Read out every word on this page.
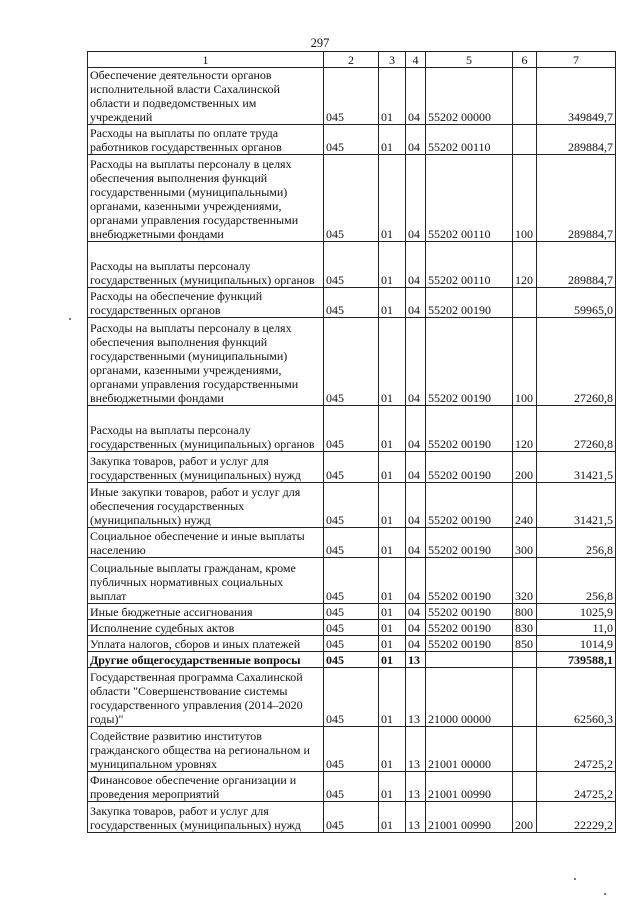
297
1	2	3	4	5	6	7
Обеспечение деятельности органов исполнительной власти Сахалинской области и подведомственных им учреждений	045	01	04	55202 00000		349849,7
Расходы на выплаты по оплате труда работников государственных органов	045	01	04	55202 00110		289884,7
Расходы на выплаты персоналу в целях обеспечения выполнения функций государственными (муниципальными) органами, казенными учреждениями, органами управления государственными внебюджетными фондами	045	01	04	55202 00110	100	289884,7
Расходы на выплаты персоналу государственных (муниципальных) органов	045	01	04	55202 00110	120	289884,7
Расходы на обеспечение функций государственных органов	045	01	04	55202 00190		59965,0
Расходы на выплаты персоналу в целях обеспечения выполнения функций государственными (муниципальными) органами, казенными учреждениями, органами управления государственными внебюджетными фондами	045	01	04	55202 00190	100	27260,8
Расходы на выплаты персоналу государственных (муниципальных) органов	045	01	04	55202 00190	120	27260,8
Закупка товаров, работ и услуг для государственных (муниципальных) нужд	045	01	04	55202 00190	200	31421,5
Иные закупки товаров, работ и услуг для обеспечения государственных (муниципальных) нужд	045	01	04	55202 00190	240	31421,5
Социальное обеспечение и иные выплаты населению	045	01	04	55202 00190	300	256,8
Социальные выплаты гражданам, кроме публичных нормативных социальных выплат	045	01	04	55202 00190	320	256,8
Иные бюджетные ассигнования	045	01	04	55202 00190	800	1025,9
Исполнение судебных актов	045	01	04	55202 00190	830	11,0
Уплата налогов, сборов и иных платежей	045	01	04	55202 00190	850	1014,9
Другие общегосударственные вопросы	045	01	13			739588,1
Государственная программа Сахалинской области "Совершенствование системы государственного управления (2014–2020 годы)"	045	01	13	21000 00000		62560,3
Содействие развитию институтов гражданского общества на региональном и муниципальном уровнях	045	01	13	21001 00000		24725,2
Финансовое обеспечение организации и проведения мероприятий	045	01	13	21001 00990		24725,2
Закупка товаров, работ и услуг для государственных (муниципальных) нужд	045	01	13	21001 00990	200	22229,2
